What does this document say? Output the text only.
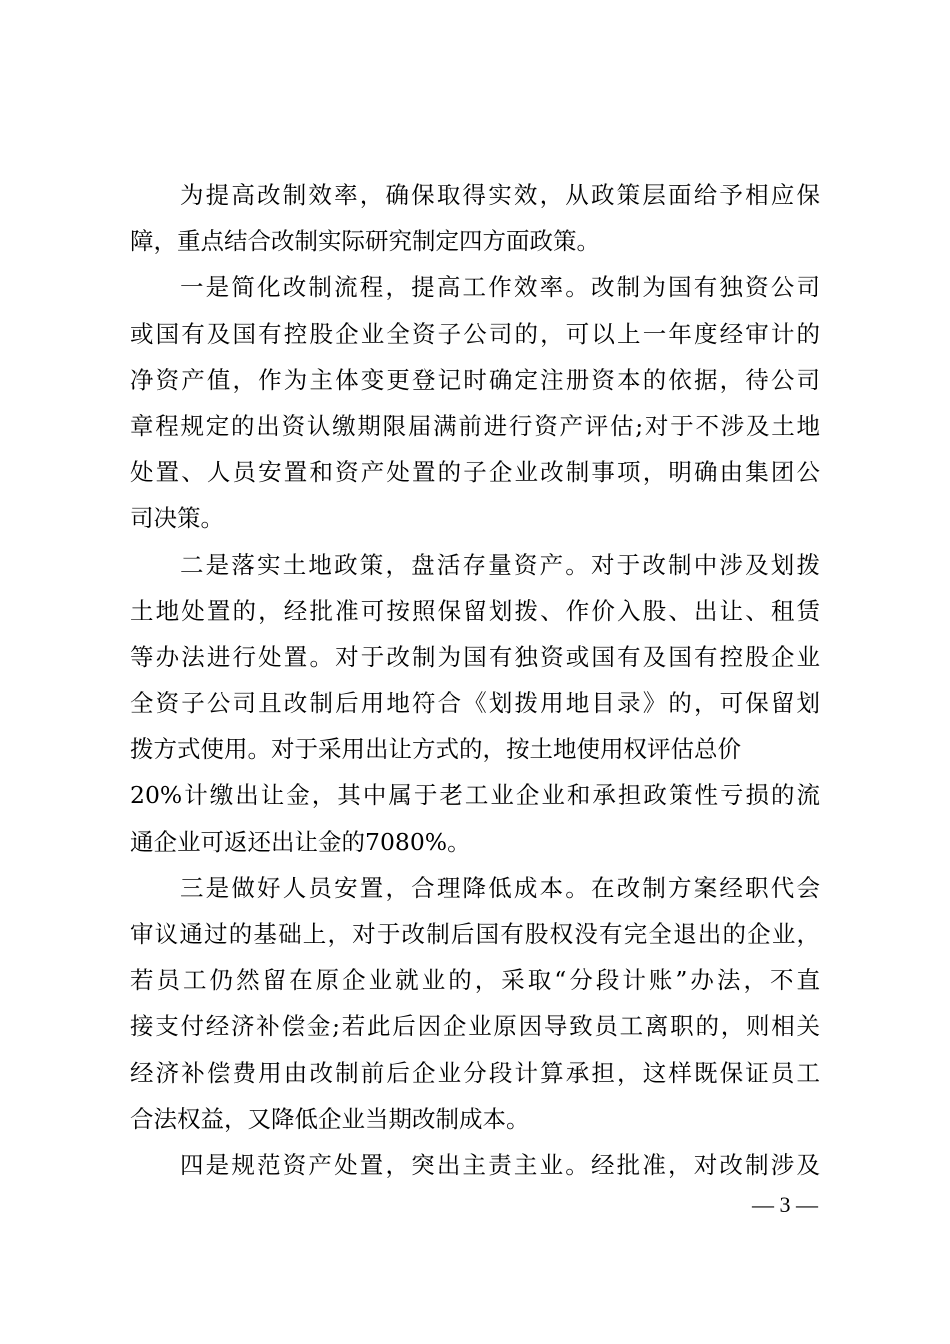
为提高改制效率，确保取得实效，从政策层面给予相应保
障，重点结合改制实际研究制定四方面政策。
一是简化改制流程，提高工作效率。改制为国有独资公司
或国有及国有控股企业全资子公司的，可以上一年度经审计的
净资产值，作为主体变更登记时确定注册资本的依据，待公司
章程规定的出资认缴期限届满前进行资产评估;对于不涉及土地
处置、人员安置和资产处置的子企业改制事项，明确由集团公
司决策。
二是落实土地政策，盘活存量资产。对于改制中涉及划拨
土地处置的，经批准可按照保留划拨、作价入股、出让、租赁
等办法进行处置。对于改制为国有独资或国有及国有控股企业
全资子公司且改制后用地符合《划拨用地目录》的，可保留划
拨方式使用。对于采用出让方式的，按土地使用权评估总价
20%计缴出让金，其中属于老工业企业和承担政策性亏损的流
通企业可返还出让金的7080%。
三是做好人员安置，合理降低成本。在改制方案经职代会
审议通过的基础上，对于改制后国有股权没有完全退出的企业，
若员工仍然留在原企业就业的，采取“分段计账”办法，不直
接支付经济补偿金;若此后因企业原因导致员工离职的，则相关
经济补偿费用由改制前后企业分段计算承担，这样既保证员工
合法权益，又降低企业当期改制成本。
四是规范资产处置，突出主责主业。经批准，对改制涉及
— 3 —
